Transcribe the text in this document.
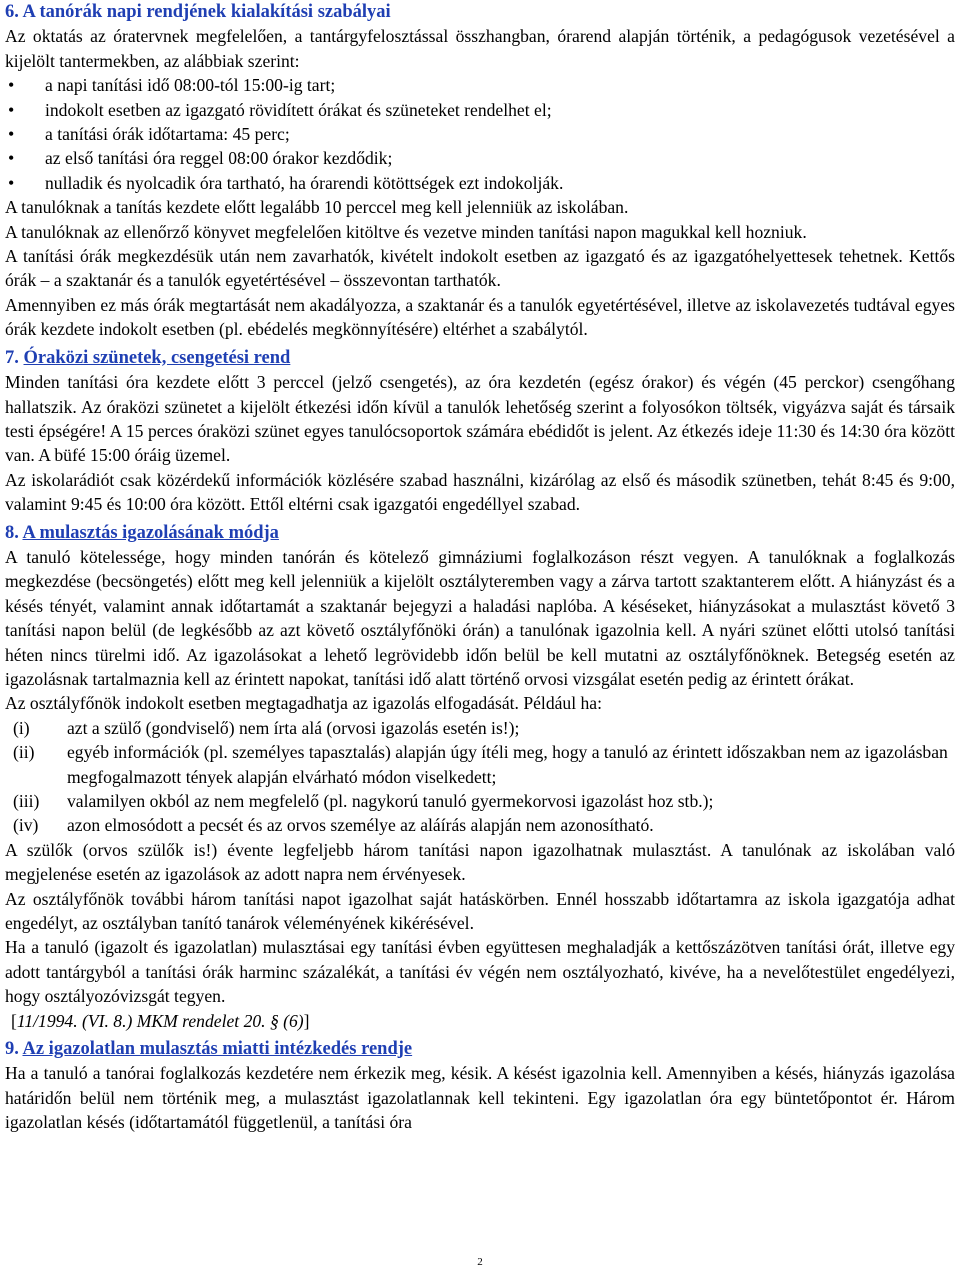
6. A tanórák napi rendjének kialakítási szabályai

Az oktatás az óratervnek megfelelően, a tantárgyfelosztással összhangban, órarend alapján történik, a pedagógusok vezetésével a kijelölt tantermekben, az alábbiak szerint:

• a napi tanítási idő 08:00-tól 15:00-ig tart;
• indokolt esetben az igazgató rövidített órákat és szüneteket rendelhet el;
• a tanítási órák időtartama: 45 perc;
• az első tanítási óra reggel 08:00 órakor kezdődik;
• nulladik és nyolcadik óra tartható, ha órarendi kötöttségek ezt indokolják.

A tanulóknak a tanítás kezdete előtt legalább 10 perccel meg kell jelenniük az iskolában.

A tanulóknak az ellenőrző könyvet megfelelően kitöltve és vezetve minden tanítási napon magukkal kell hozniuk.

A tanítási órák megkezdésük után nem zavarhatók, kivételt indokolt esetben az igazgató és az igazgatóhelyettesek tehetnek. Kettős órák – a szaktanár és a tanulók egyetértésével – összevontan tarthatók.

Amennyiben ez más órák megtartását nem akadályozza, a szaktanár és a tanulók egyetértésével, illetve az iskolavezetés tudtával egyes órák kezdete indokolt esetben (pl. ebédelés megkönnyítésére) eltérhet a szabálytól.

7. Óraközi szünetek, csengetési rend

Minden tanítási óra kezdete előtt 3 perccel (jelző csengetés), az óra kezdetén (egész órakor) és végén (45 perckor) csengőhang hallatszik. Az óraközi szünetet a kijelölt étkezési időn kívül a tanulók lehetőség szerint a folyosókon töltsék, vigyázva saját és társaik testi épségére! A 15 perces óraközi szünet egyes tanulócsoportok számára ebédidőt is jelent. Az étkezés ideje 11:30 és 14:30 óra között van. A büfé 15:00 óráig üzemel.

Az iskolarádiót csak közérdekű információk közlésére szabad használni, kizárólag az első és második szünetben, tehát 8:45 és 9:00, valamint 9:45 és 10:00 óra között. Ettől eltérni csak igazgatói engedéllyel szabad.

8. A mulasztás igazolásának módja

A tanuló kötelessége, hogy minden tanórán és kötelező gimnáziumi foglalkozáson részt vegyen. A tanulóknak a foglalkozás megkezdése (becsöngetés) előtt meg kell jelenniük a kijelölt osztályteremben vagy a zárva tartott szaktanterem előtt. A hiányzást és a késés tényét, valamint annak időtartamát a szaktanár bejegyzi a haladási naplóba. A késéseket, hiányzásokat a mulasztást követő 3 tanítási napon belül (de legkésőbb az azt követő osztályfőnöki órán) a tanulónak igazolnia kell. A nyári szünet előtti utolsó tanítási héten nincs türelmi idő. Az igazolásokat a lehető legrövidebb időn belül be kell mutatni az osztályfőnöknek. Betegség esetén az igazolásnak tartalmaznia kell az érintett napokat, tanítási idő alatt történő orvosi vizsgálat esetén pedig az érintett órákat.

Az osztályfőnök indokolt esetben megtagadhatja az igazolás elfogadását. Például ha:

(i)	azt a szülő (gondviselő) nem írta alá (orvosi igazolás esetén is!);
(ii)	egyéb információk (pl. személyes tapasztalás) alapján úgy ítéli meg, hogy a tanuló az érintett időszakban nem az igazolásban megfogalmazott tények alapján elvárható módon viselkedett;
(iii)	valamilyen okból az nem megfelelő (pl. nagykorú tanuló gyermekorvosi igazolást hoz stb.);
(iv)	azon elmosódott a pecsét és az orvos személye az aláírás alapján nem azonosítható.

A szülők (orvos szülők is!) évente legfeljebb három tanítási napon igazolhatnak mulasztást. A tanulónak az iskolában való megjelenése esetén az igazolások az adott napra nem érvényesek.

Az osztályfőnök további három tanítási napot igazolhat saját hatáskörben. Ennél hosszabb időtartamra az iskola igazgatója adhat engedélyt, az osztályban tanító tanárok véleményének kikérésével.

Ha a tanuló (igazolt és igazolatlan) mulasztásai egy tanítási évben együttesen meghaladják a kettőszázötven tanítási órát, illetve egy adott tantárgyból a tanítási órák harminc százalékát, a tanítási év végén nem osztályozható, kivéve, ha a nevelőtestület engedélyezi, hogy osztályozóvizsgát tegyen.

[11/1994. (VI. 8.) MKM rendelet 20. § (6)]

9. Az igazolatlan mulasztás miatti intézkedés rendje

Ha a tanuló a tanórai foglalkozás kezdetére nem érkezik meg, késik. A késést igazolnia kell. Amennyiben a késés, hiányzás igazolása határidőn belül nem történik meg, a mulasztást igazolatlannak kell tekinteni. Egy igazolatlan óra egy büntetőpontot ér. Három igazolatlan késés (időtartamától függetlenül, a tanítási óra

2
